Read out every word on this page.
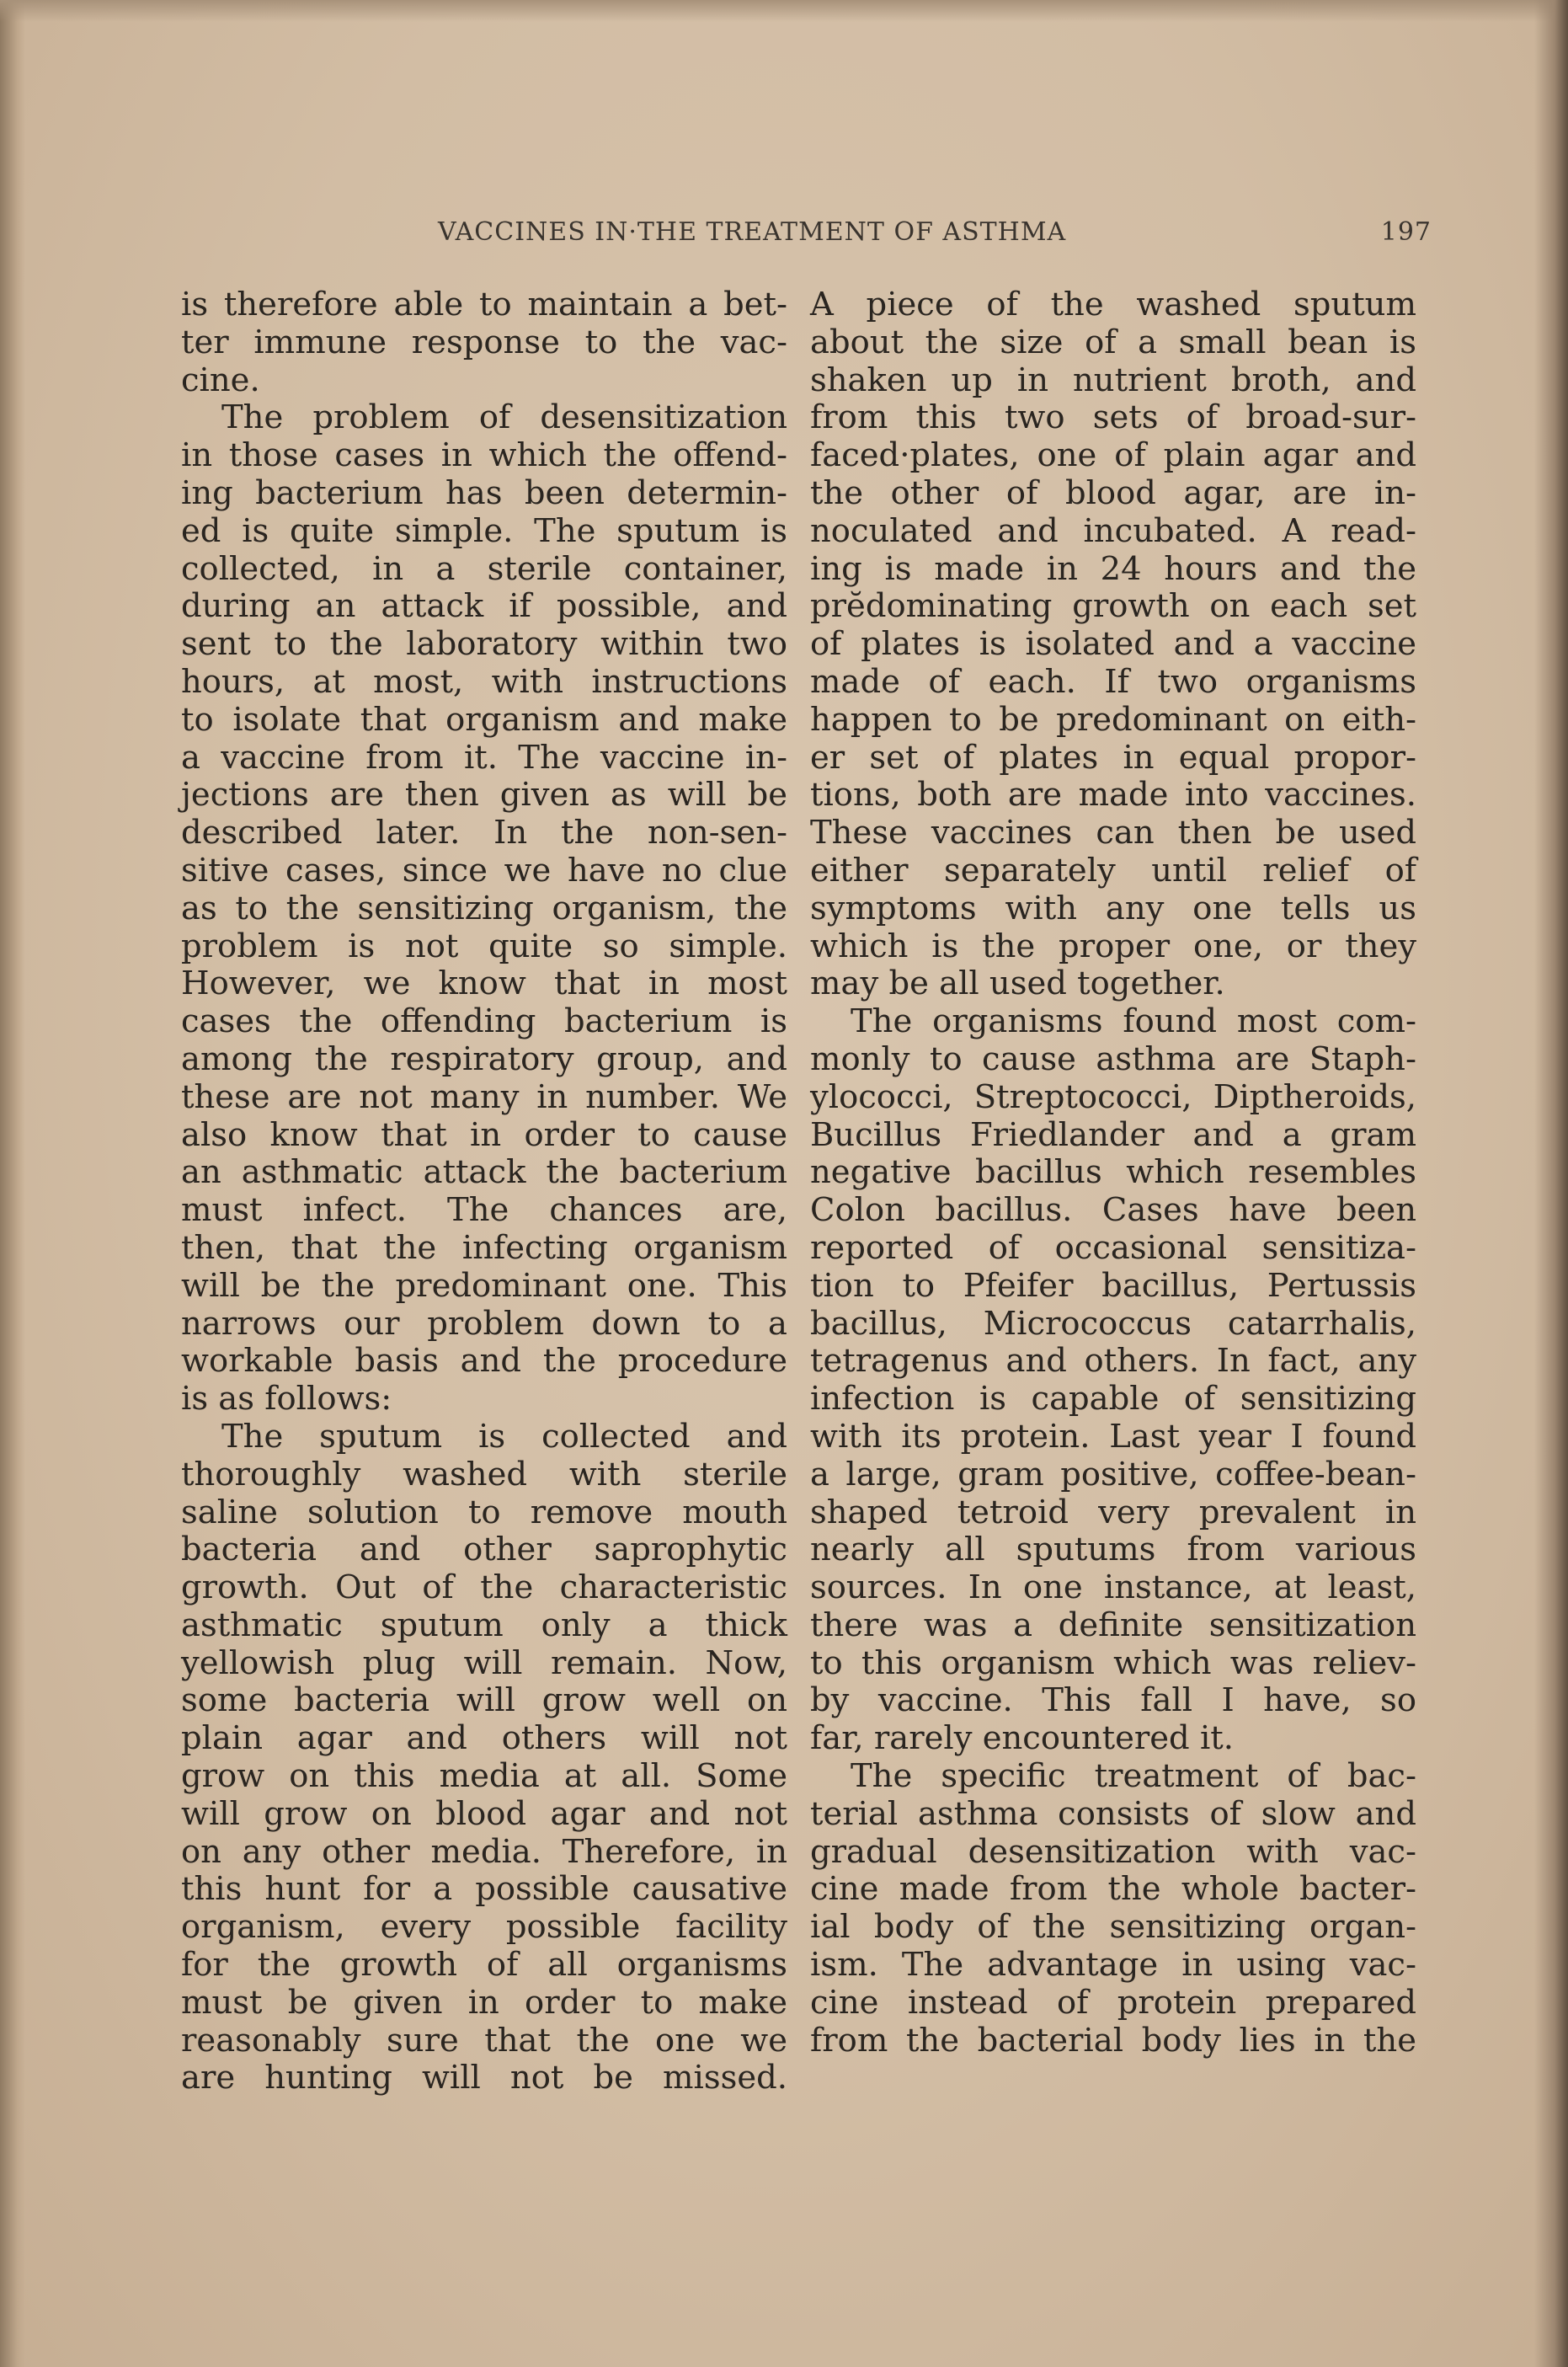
VACCINES IN·THE TREATMENT OF ASTHMA	197
is therefore able to maintain a bet-
ter immune response to the vac-
cine.
The problem of desensitization
in those cases in which the offend-
ing bacterium has been determin-
ed is quite simple. The sputum is
collected, in a sterile container,
during an attack if possible, and
sent to the laboratory within two
hours, at most, with instructions
to isolate that organism and make
a vaccine from it. The vaccine in-
jections are then given as will be
described later. In the non-sen-
sitive cases, since we have no clue
as to the sensitizing organism, the
problem is not quite so simple.
However, we know that in most
cases the offending bacterium is
among the respiratory group, and
these are not many in number. We
also know that in order to cause
an asthmatic attack the bacterium
must infect. The chances are,
then, that the infecting organism
will be the predominant one. This
narrows our problem down to a
workable basis and the procedure
is as follows:
The sputum is collected and
thoroughly washed with sterile
saline solution to remove mouth
bacteria and other saprophytic
growth. Out of the characteristic
asthmatic sputum only a thick
yellowish plug will remain. Now,
some bacteria will grow well on
plain agar and others will not
grow on this media at all. Some
will grow on blood agar and not
on any other media. Therefore, in
this hunt for a possible causative
organism, every possible facility
for the growth of all organisms
must be given in order to make
reasonably sure that the one we
are hunting will not be missed.
A piece of the washed sputum
about the size of a small bean is
shaken up in nutrient broth, and
from this two sets of broad-sur-
faced·plates, one of plain agar and
the other of blood agar, are in-
noculated and incubated. A read-
ing is made in 24 hours and the
prĕdominating growth on each set
of plates is isolated and a vaccine
made of each. If two organisms
happen to be predominant on eith-
er set of plates in equal propor-
tions, both are made into vaccines.
These vaccines can then be used
either separately until relief of
symptoms with any one tells us
which is the proper one, or they
may be all used together.
The organisms found most com-
monly to cause asthma are Staph-
ylococci, Streptococci, Diptheroids,
Bucillus Friedlander and a gram
negative bacillus which resembles
Colon bacillus. Cases have been
reported of occasional sensitiza-
tion to Pfeifer bacillus, Pertussis
bacillus, Micrococcus catarrhalis,
tetragenus and others. In fact, any
infection is capable of sensitizing
with its protein. Last year I found
a large, gram positive, coffee-bean-
shaped tetroid very prevalent in
nearly all sputums from various
sources. In one instance, at least,
there was a definite sensitization
to this organism which was reliev-
by vaccine. This fall I have, so
far, rarely encountered it.
The specific treatment of bac-
terial asthma consists of slow and
gradual desensitization with vac-
cine made from the whole bacter-
ial body of the sensitizing organ-
ism. The advantage in using vac-
cine instead of protein prepared
from the bacterial body lies in the
